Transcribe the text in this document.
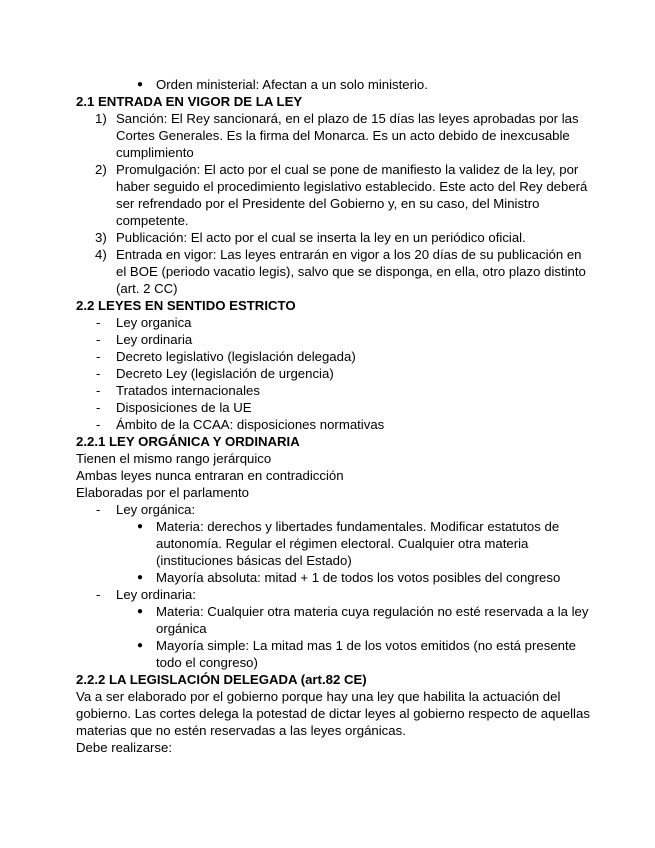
● Orden ministerial: Afectan a un solo ministerio.

2.1 ENTRADA EN VIGOR DE LA LEY

1) Sanción: El Rey sancionará, en el plazo de 15 días las leyes aprobadas por las Cortes Generales. Es la firma del Monarca. Es un acto debido de inexcusable cumplimiento
2) Promulgación: El acto por el cual se pone de manifiesto la validez de la ley, por haber seguido el procedimiento legislativo establecido. Este acto del Rey deberá ser refrendado por el Presidente del Gobierno y, en su caso, del Ministro competente.
3) Publicación: El acto por el cual se inserta la ley en un periódico oficial.
4) Entrada en vigor: Las leyes entrarán en vigor a los 20 días de su publicación en el BOE (periodo vacatio legis), salvo que se disponga, en ella, otro plazo distinto (art. 2 CC)

2.2 LEYES EN SENTIDO ESTRICTO

- Ley organica
- Ley ordinaria
- Decreto legislativo (legislación delegada)
- Decreto Ley (legislación de urgencia)
- Tratados internacionales
- Disposiciones de la UE
- Ámbito de la CCAA: disposiciones normativas

2.2.1 LEY ORGÁNICA Y ORDINARIA

Tienen el mismo rango jerárquico

Ambas leyes nunca entraran en contradicción

Elaboradas por el parlamento

- Ley orgánica:
● Materia: derechos y libertades fundamentales. Modificar estatutos de autonomía. Regular el régimen electoral. Cualquier otra materia (instituciones básicas del Estado)
● Mayoría absoluta: mitad + 1 de todos los votos posibles del congreso
- Ley ordinaria:
● Materia: Cualquier otra materia cuya regulación no esté reservada a la ley orgánica
● Mayoría simple: La mitad mas 1 de los votos emitidos (no está presente todo el congreso)

2.2.2 LA LEGISLACIÓN DELEGADA (art.82 CE)

Va a ser elaborado por el gobierno porque hay una ley que habilita la actuación del gobierno. Las cortes delega la potestad de dictar leyes al gobierno respecto de aquellas materias que no estén reservadas a las leyes orgánicas.

Debe realizarse:
